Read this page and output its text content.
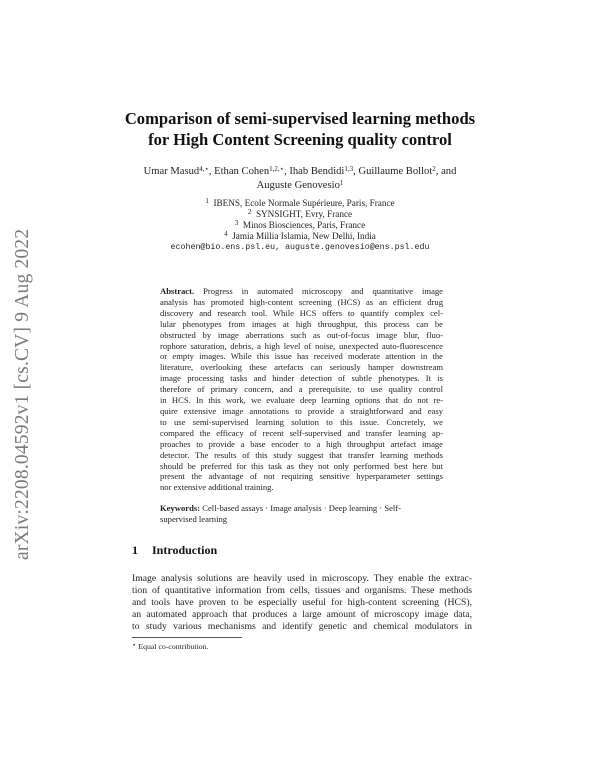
arXiv:2208.04592v1 [cs.CV] 9 Aug 2022
Comparison of semi-supervised learning methods
for High Content Screening quality control
Umar Masud$^{4,⋆}$, Ethan Cohen$^{1,2,⋆}$, Ihab Bendidi$^{1,3}$, Guillaume Bollot$^2$, and
Auguste Genovesio$^1$
$^1$ IBENS, Ecole Normale Supérieure, Paris, France
$^2$ SYNSIGHT, Evry, France
$^3$ Minos Biosciences, Paris, France
$^4$ Jamia Millia Islamia, New Delhi, India
ecohen@bio.ens.psl.eu, auguste.genovesio@ens.psl.edu
Abstract. Progress in automated microscopy and quantitative image
analysis has promoted high-content screening (HCS) as an efficient drug
discovery and research tool. While HCS offers to quantify complex cel-
lular phenotypes from images at high throughput, this process can be
obstructed by image aberrations such as out-of-focus image blur, fluo-
rophore saturation, debris, a high level of noise, unexpected auto-fluorescence
or empty images. While this issue has received moderate attention in the
literature, overlooking these artefacts can seriously hamper downstream
image processing tasks and hinder detection of subtle phenotypes. It is
therefore of primary concern, and a prerequisite, to use quality control
in HCS. In this work, we evaluate deep learning options that do not re-
quire extensive image annotations to provide a straightforward and easy
to use semi-supervised learning solution to this issue. Concretely, we
compared the efficacy of recent self-supervised and transfer learning ap-
proaches to provide a base encoder to a high throughput artefact image
detector. The results of this study suggest that transfer learning methods
should be preferred for this task as they not only performed best here but
present the advantage of not requiring sensitive hyperparameter settings
nor extensive additional training.
Keywords: Cell-based assays · Image analysis · Deep learning · Self-
supervised learning
1 Introduction
Image analysis solutions are heavily used in microscopy. They enable the extrac-
tion of quantitative information from cells, tissues and organisms. These methods
and tools have proven to be especially useful for high-content screening (HCS),
an automated approach that produces a large amount of microscopy image data,
to study various mechanisms and identify genetic and chemical modulators in
⋆ Equal co-contribution.
